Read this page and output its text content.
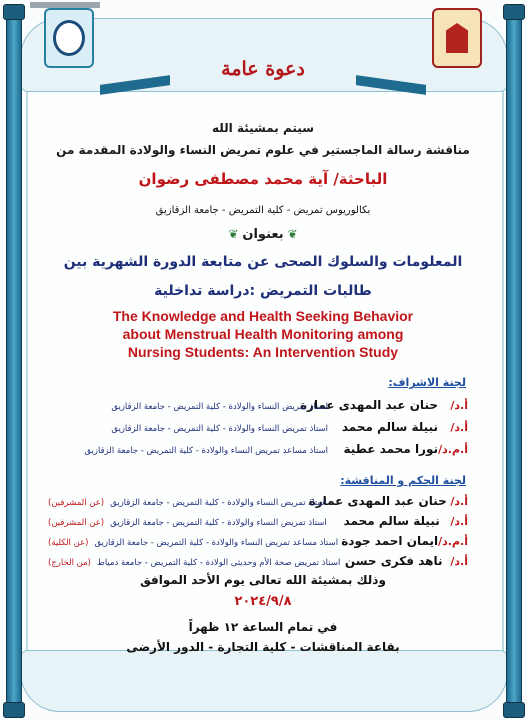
دعوة عامة
سيتم بمشيئة الله
مناقشة رسالة الماجستير في علوم تمريض النساء والولادة المقدمة من
الباحثة/ آية محمد مصطفى رضوان
بكالوريوس تمريض - كلية التمريض - جامعة الزقازيق
❦بعنوان❦
المعلومات والسلوك الصحى عن متابعة الدورة الشهرية بين
طالبات التمريض :دراسة تداخلية
The Knowledge and Health Seeking Behavior
about Menstrual Health Monitoring among
Nursing Students: An Intervention Study
لجنة الاشراف:
أ.د/
حنان عبد المهدى عمارة
استاذ تمريض النساء والولادة - كلية التمريض - جامعة الزقازيق
أ.د/
نبيلة سالم محمد
استاذ تمريض النساء والولادة - كلية التمريض - جامعة الزقازيق
أ.م.د/
نورا محمد عطية
استاذ مساعد تمريض النساء والولادة - كلية التمريض - جامعة الزقازيق
لجنة الحكم و المناقشة:
أ.د/
حنان عبد المهدى عمارة
استاذ تمريض النساء والولادة - كلية التمريض - جامعة الزقازيق
(عن المشرفين)
أ.د/
نبيلة سالم محمد
استاذ تمريض النساء والولادة - كلية التمريض - جامعة الزقازيق
(عن المشرفين)
أ.م.د/
ايمان احمد جودة
استاذ مساعد تمريض النساء والولادة - كلية التمريض - جامعة الزقازيق
(عن الكلية)
أ.د/
ناهد فكرى حسن
استاذ تمريض صحة الأم وحديثى الولادة - كلية التمريض - جامعة دمياط
(من الخارج)
وذلك بمشيئة الله تعالى يوم الأحد الموافق
٢٠٢٤/٩/٨
في تمام الساعة ١٢ ظهراً
بقاعة المناقشات - كلية التجارة - الدور الأرضى
